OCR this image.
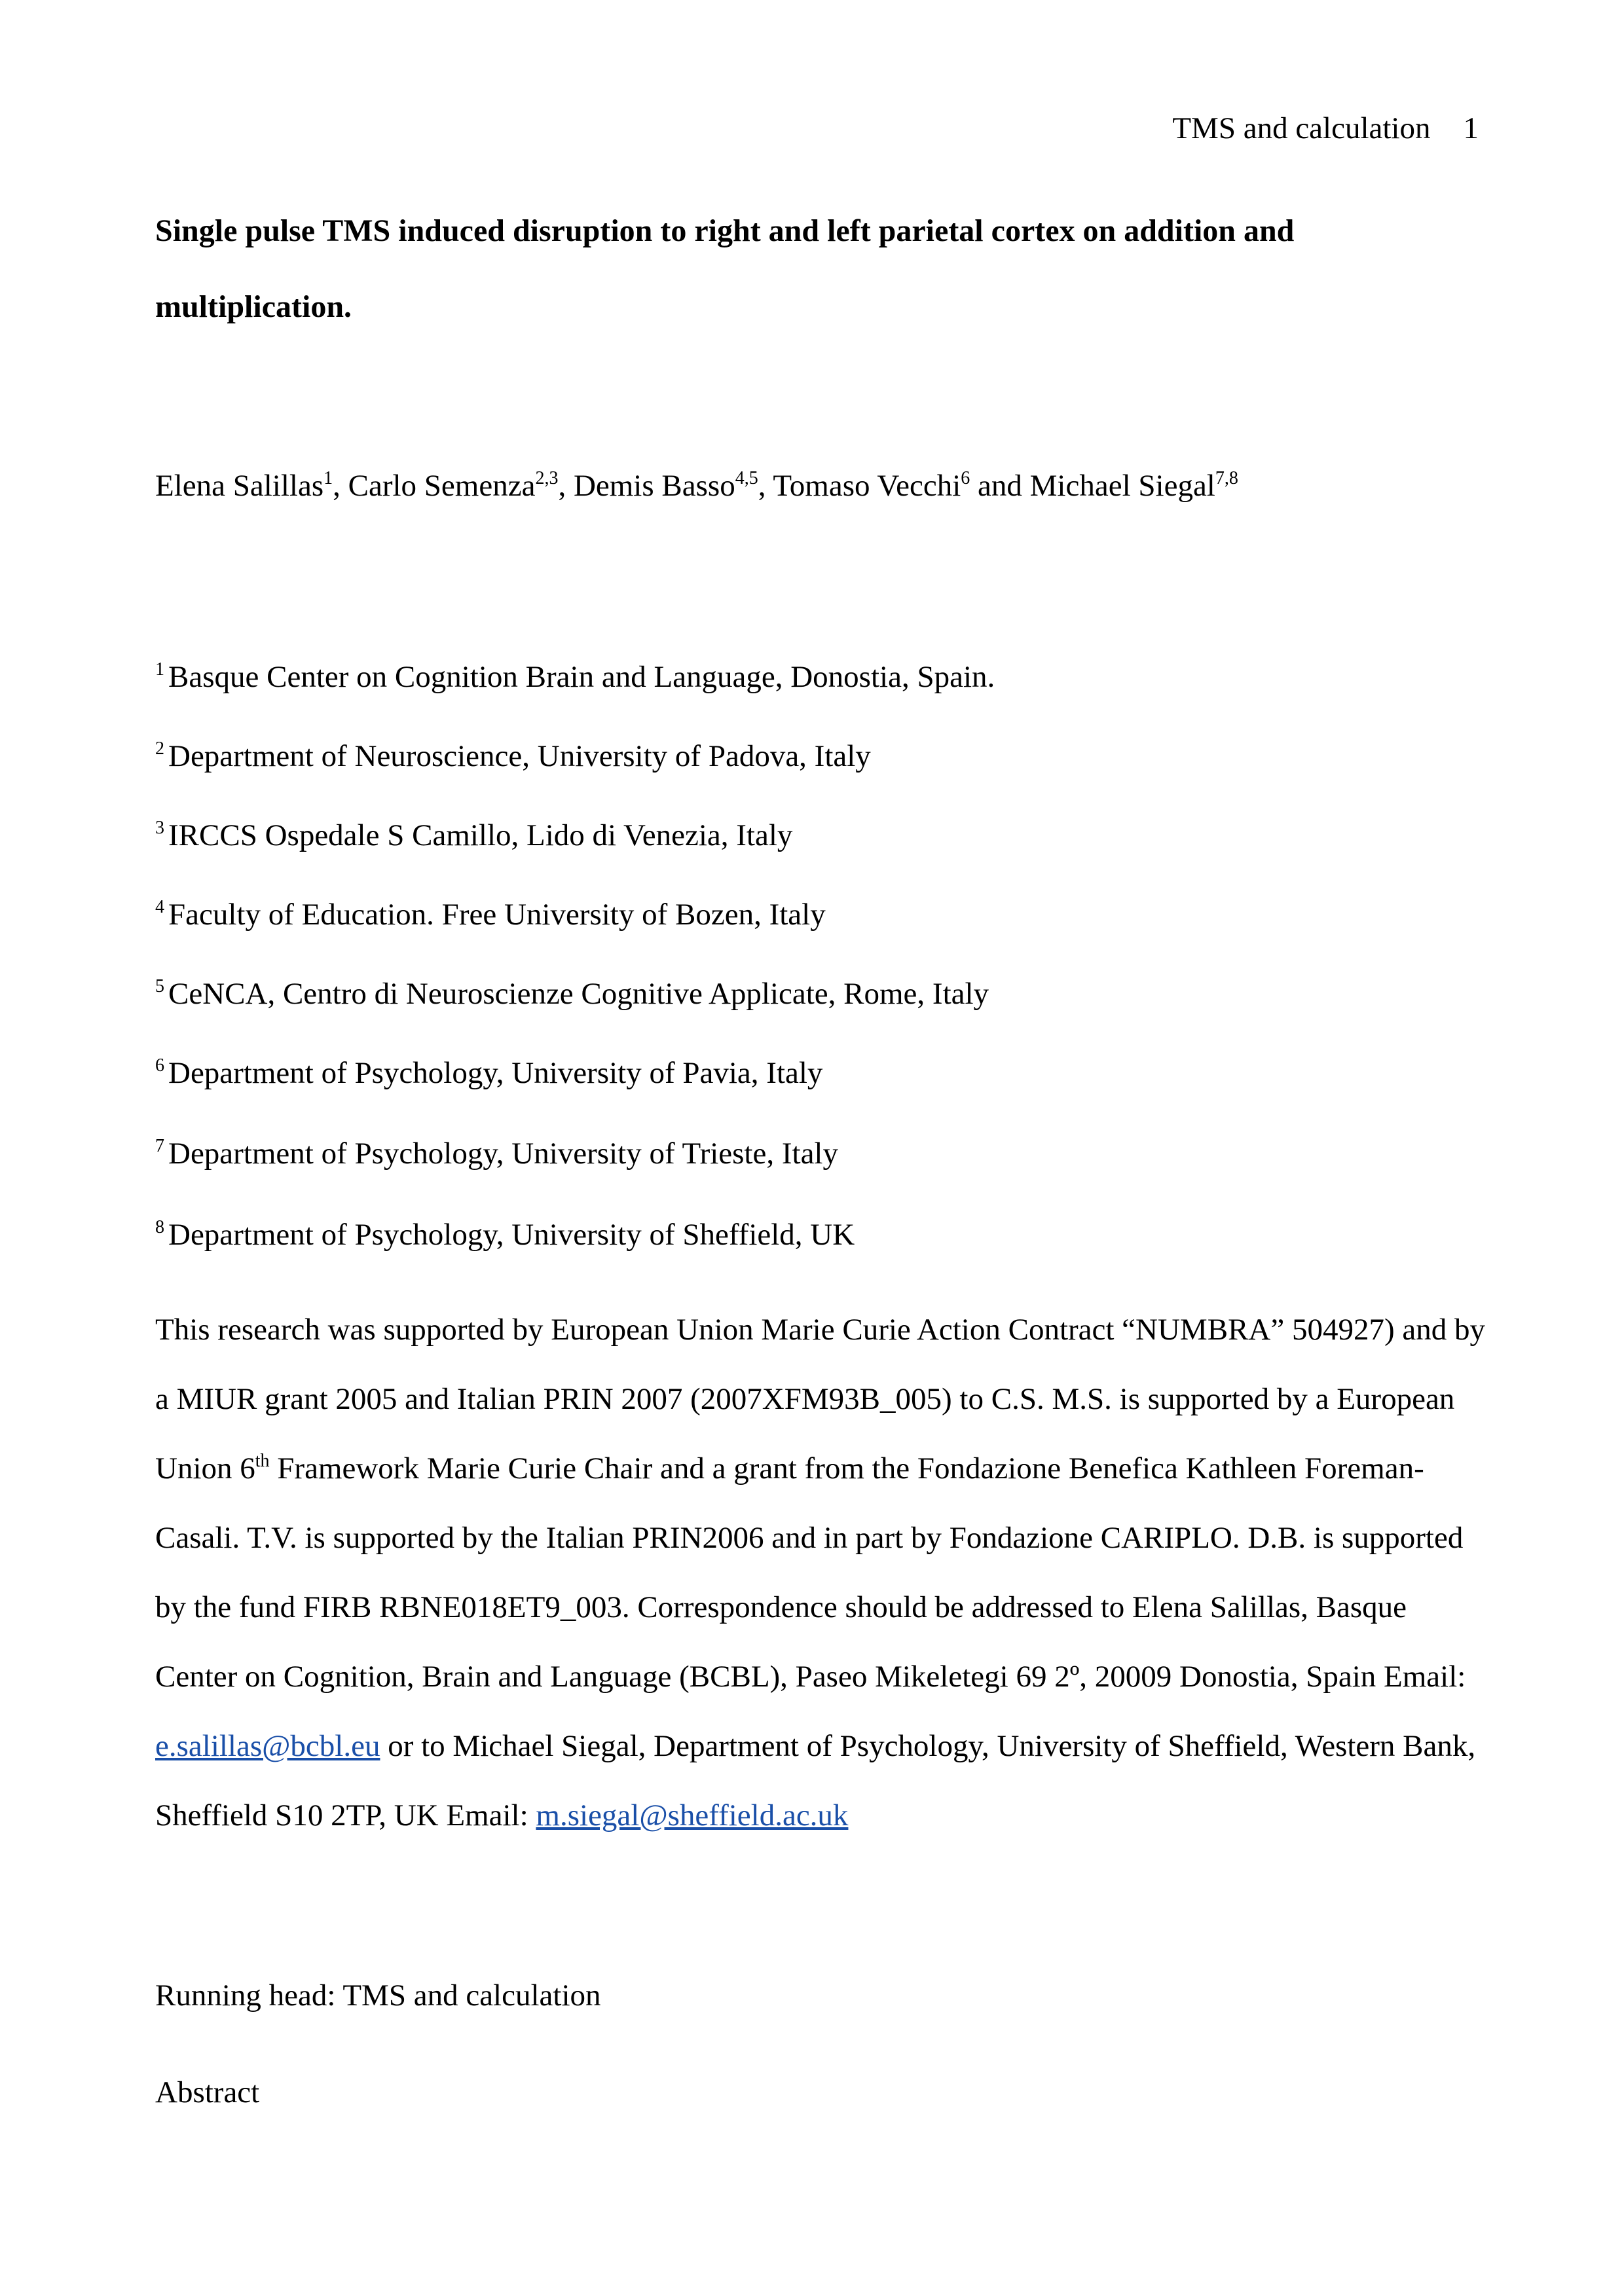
TMS and calculation 1
Single pulse TMS induced disruption to right and left parietal cortex on addition and
multiplication.
Elena Salillas$^1$, Carlo Semenza$^{2,3}$, Demis Basso$^{4,5}$, Tomaso Vecchi$^6$ and Michael Siegal$^{7,8}$
$^1$ Basque Center on Cognition Brain and Language, Donostia, Spain.
$^2$ Department of Neuroscience, University of Padova, Italy
$^3$ IRCCS Ospedale S Camillo, Lido di Venezia, Italy
$^4$ Faculty of Education. Free University of Bozen, Italy
$^5$ CeNCA, Centro di Neuroscienze Cognitive Applicate, Rome, Italy
$^6$ Department of Psychology, University of Pavia, Italy
$^7$ Department of Psychology, University of Trieste, Italy
$^8$ Department of Psychology, University of Sheffield, UK
This research was supported by European Union Marie Curie Action Contract “NUMBRA” 504927) and by
a MIUR grant 2005 and Italian PRIN 2007 (2007XFM93B_005) to C.S. M.S. is supported by a European
Union 6th Framework Marie Curie Chair and a grant from the Fondazione Benefica Kathleen Foreman-
Casali. T.V. is supported by the Italian PRIN2006 and in part by Fondazione CARIPLO. D.B. is supported
by the fund FIRB RBNE018ET9_003. Correspondence should be addressed to Elena Salillas, Basque
Center on Cognition, Brain and Language (BCBL), Paseo Mikeletegi 69 2º, 20009 Donostia, Spain Email:
e.salillas@bcbl.eu or to Michael Siegal, Department of Psychology, University of Sheffield, Western Bank,
Sheffield S10 2TP, UK Email: m.siegal@sheffield.ac.uk
Running head: TMS and calculation
Abstract
